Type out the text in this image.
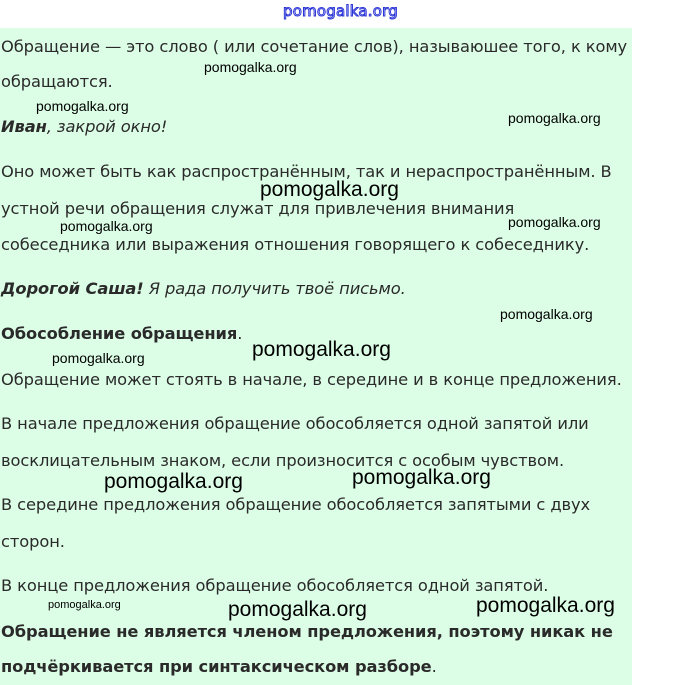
pomogalka.org

Обращение — это слово ( или сочетание слов), называюшее того, к кому

обращаются.

Иван, закрой окно!

Оно может быть как распространённым, так и нераспространённым. В

устной речи обращения служат для привлечения внимания

собеседника или выражения отношения говорящего к собеседнику.

Дорогой Саша! Я рада получить твоё письмо.

Обособление обращения.

Обращение может стоять в начале, в середине и в конце предложения.

В начале предложения обращение обособляется одной запятой или

восклицательным знаком, если произносится с особым чувством.

В середине предложения обращение обособляется запятыми с двух

сторон.

В конце предложения обращение обособляется одной запятой.

Обращение не является членом предложения, поэтому никак не

подчёркивается при синтаксическом разборе.

pomogalka.org

pomogalka.org

pomogalka.org

pomogalka.org

pomogalka.org	pomogalka.org

pomogalka.org

pomogalka.org

pomogalka.org

pomogalka.org	pomogalka.org

pomogalka.org	pomogalka.org	pomogalka.org
